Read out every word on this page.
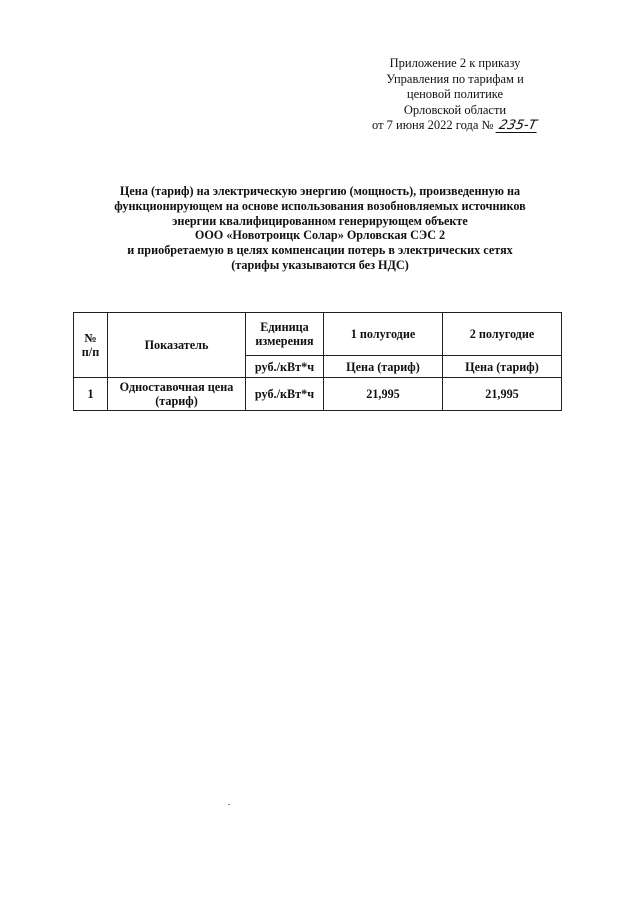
Приложение 2 к приказу
Управления по тарифам и
ценовой политике
Орловской области
от 7 июня 2022 года № 235-Т
Цена (тариф) на электрическую энергию (мощность), произведенную на
функционирующем на основе использования возобновляемых источников
энергии квалифицированном генерирующем объекте
ООО «Новотроицк Солар» Орловская СЭС 2
и приобретаемую в целях компенсации потерь в электрических сетях
(тарифы указываются без НДС)
№ п/п	Показатель	Единица измерения	1 полугодие	2 полугодие
		руб./кВт*ч	Цена (тариф)	Цена (тариф)
1	Одноставочная цена (тариф)	руб./кВт*ч	21,995	21,995
